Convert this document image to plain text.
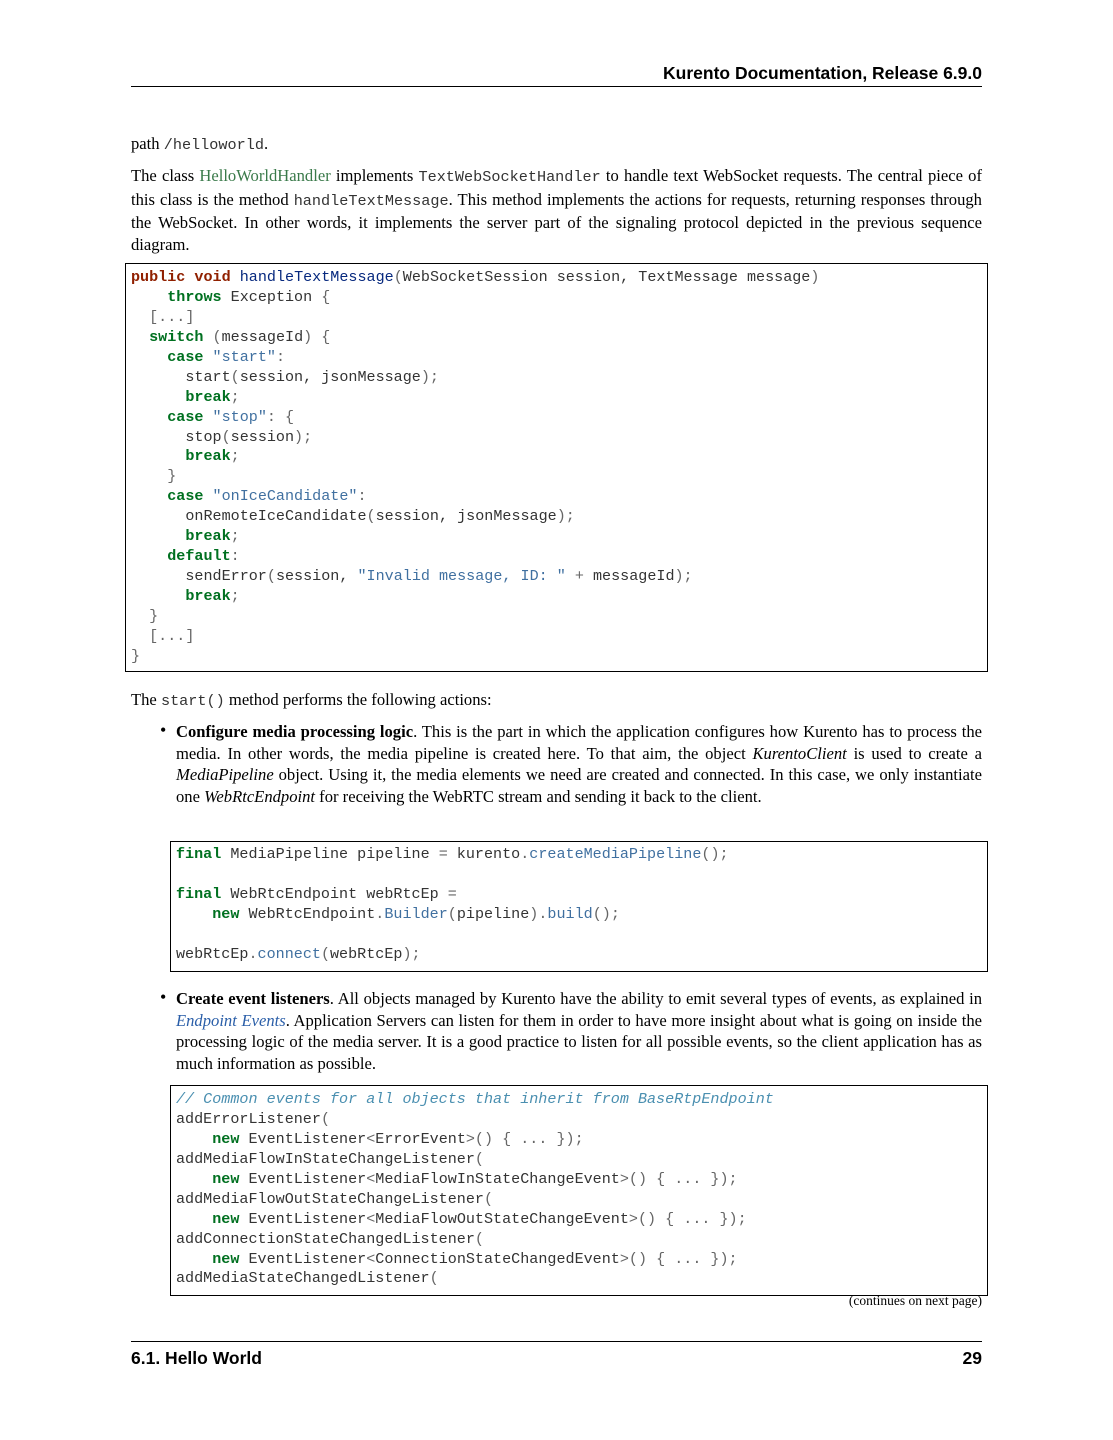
Kurento Documentation, Release 6.9.0

path /helloworld.

The class HelloWorldHandler implements TextWebSocketHandler to handle text WebSocket requests. The central piece of this class is the method handleTextMessage. This method implements the actions for requests, returning responses through the WebSocket. In other words, it implements the server part of the signaling protocol depicted in the previous sequence diagram.

public void handleTextMessage(WebSocketSession session, TextMessage message)
throws Exception {
[...]
switch (messageId) {
case "start":
start(session, jsonMessage);
break;
case "stop": {
stop(session);
break;
}
case "onIceCandidate":
onRemoteIceCandidate(session, jsonMessage);
break;
default:
sendError(session, "Invalid message, ID: " + messageId);
break;
}
[...]
}

The start() method performs the following actions:

• Configure media processing logic. This is the part in which the application configures how Kurento has to process the media. In other words, the media pipeline is created here. To that aim, the object KurentoClient is used to create a MediaPipeline object. Using it, the media elements we need are created and connected. In this case, we only instantiate one WebRtcEndpoint for receiving the WebRTC stream and sending it back to the client.

final MediaPipeline pipeline = kurento.createMediaPipeline();
final WebRtcEndpoint webRtcEp =
new WebRtcEndpoint.Builder(pipeline).build();
webRtcEp.connect(webRtcEp);
• Create event listeners. All objects managed by Kurento have the ability to emit several types of events, as explained in Endpoint Events. Application Servers can listen for them in order to have more insight about what is going on inside the processing logic of the media server. It is a good practice to listen for all possible events, so the client application has as much information as possible.

// Common events for all objects that inherit from BaseRtpEndpoint
addErrorListener(
new EventListener<ErrorEvent>() { ... });
addMediaFlowInStateChangeListener(
new EventListener<MediaFlowInStateChangeEvent>() { ... });
addMediaFlowOutStateChangeListener(
new EventListener<MediaFlowOutStateChangeEvent>() { ... });
addConnectionStateChangedListener(
new EventListener<ConnectionStateChangedEvent>() { ... });
addMediaStateChangedListener(
(continues on next page)
6.1. Hello World	29
